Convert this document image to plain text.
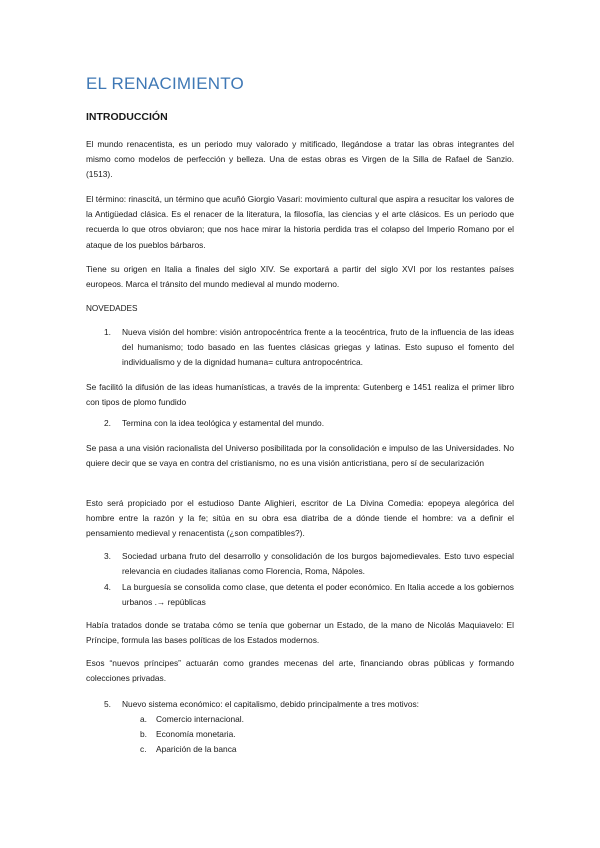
EL RENACIMIENTO
INTRODUCCIÓN

El mundo renacentista, es un periodo muy valorado y mitificado, llegándose a tratar las obras integrantes del mismo como modelos de perfección y belleza. Una de estas obras es Virgen de la Silla de Rafael de Sanzio. (1513).

El término: rinascitá, un término que acuñó Giorgio Vasari: movimiento cultural que aspira a resucitar los valores de la Antigüedad clásica. Es el renacer de la literatura, la filosofía, las ciencias y el arte clásicos. Es un periodo que recuerda lo que otros obviaron; que nos hace mirar la historia perdida tras el colapso del Imperio Romano por el ataque de los pueblos bárbaros.

Tiene su origen en Italia a finales del siglo XIV. Se exportará a partir del siglo XVI por los restantes países europeos. Marca el tránsito del mundo medieval al mundo moderno.

NOVEDADES

1.	Nueva visión del hombre: visión antropocéntrica frente a la teocéntrica, fruto de la influencia de las ideas del humanismo; todo basado en las fuentes clásicas griegas y latinas. Esto supuso el fomento del individualismo y de la dignidad humana= cultura antropocéntrica.

Se facilitó la difusión de las ideas humanísticas, a través de la imprenta: Gutenberg e 1451 realiza el primer libro con tipos de plomo fundido

2.	Termina con la idea teológica y estamental del mundo.

Se pasa a una visión racionalista del Universo posibilitada por la consolidación e impulso de las Universidades. No quiere decir que se vaya en contra del cristianismo, no es una visión anticristiana, pero sí de secularización

Esto será propiciado por el estudioso Dante Alighieri, escritor de La Divina Comedia: epopeya alegórica del hombre entre la razón y la fe; sitúa en su obra esa diatriba de a dónde tiende el hombre: va a definir el pensamiento medieval y renacentista (¿son compatibles?).

3.	Sociedad urbana fruto del desarrollo y consolidación de los burgos bajomedievales. Esto tuvo especial relevancia en ciudades italianas como Florencia, Roma, Nápoles.
4.	La burguesía se consolida como clase, que detenta el poder económico. En Italia accede a los gobiernos urbanos .→ repúblicas

Había tratados donde se trataba cómo se tenía que gobernar un Estado, de la mano de Nicolás Maquiavelo: El Príncipe, formula las bases políticas de los Estados modernos.

Esos “nuevos príncipes” actuarán como grandes mecenas del arte, financiando obras públicas y formando colecciones privadas.

5.	Nuevo sistema económico: el capitalismo, debido principalmente a tres motivos:
a. Comercio internacional.
b. Economía monetaria.
c. Aparición de la banca
